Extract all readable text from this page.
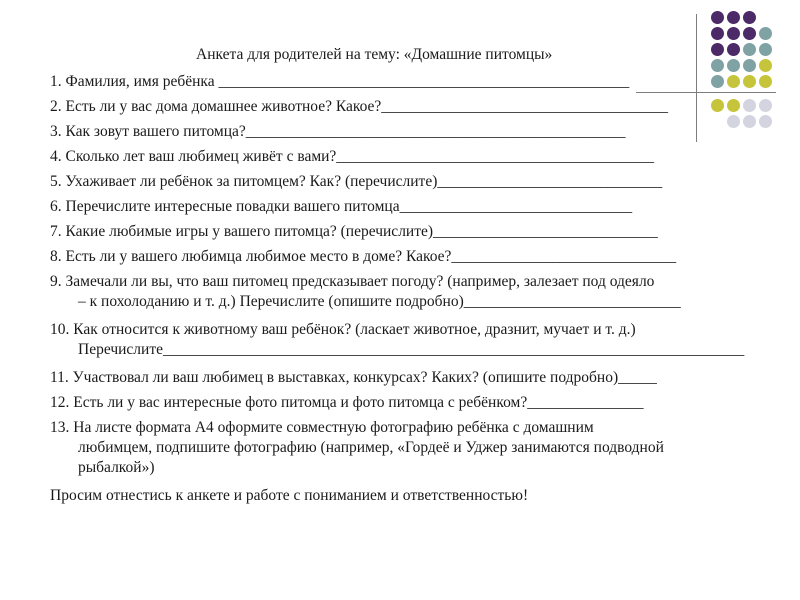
Анкета для родителей на тему: «Домашние питомцы»
1. Фамилия, имя ребёнка _____________________________________________________
2. Есть ли у вас дома домашнее животное? Какое?_____________________________________
3. Как зовут вашего питомца?_________________________________________________
4. Сколько лет ваш любимец живёт с вами?_________________________________________
5. Ухаживает ли ребёнок за питомцем? Как? (перечислите)_____________________________
6. Перечислите интересные повадки вашего питомца______________________________
7. Какие любимые игры у вашего питомца? (перечислите)_____________________________
8. Есть ли у вашего любимца любимое место в доме? Какое?_____________________________
9. Замечали ли вы, что ваш питомец предсказывает погоду? (например, залезает под одеяло
– к похолоданию и т. д.) Перечислите (опишите подробно)____________________________
10. Как относится к животному ваш ребёнок? (ласкает животное, дразнит, мучает и т. д.)
Перечислите___________________________________________________________________________
11. Участвовал ли ваш любимец в выставках, конкурсах? Каких? (опишите подробно)_____
12. Есть ли у вас интересные фото питомца и фото питомца с ребёнком?_______________
13. На листе формата А4 оформите совместную фотографию ребёнка с домашним
любимцем, подпишите фотографию (например, «Гордеё и Уджер занимаются подводной
рыбалкой»)
Просим отнестись к анкете и работе с пониманием и ответственностью!
